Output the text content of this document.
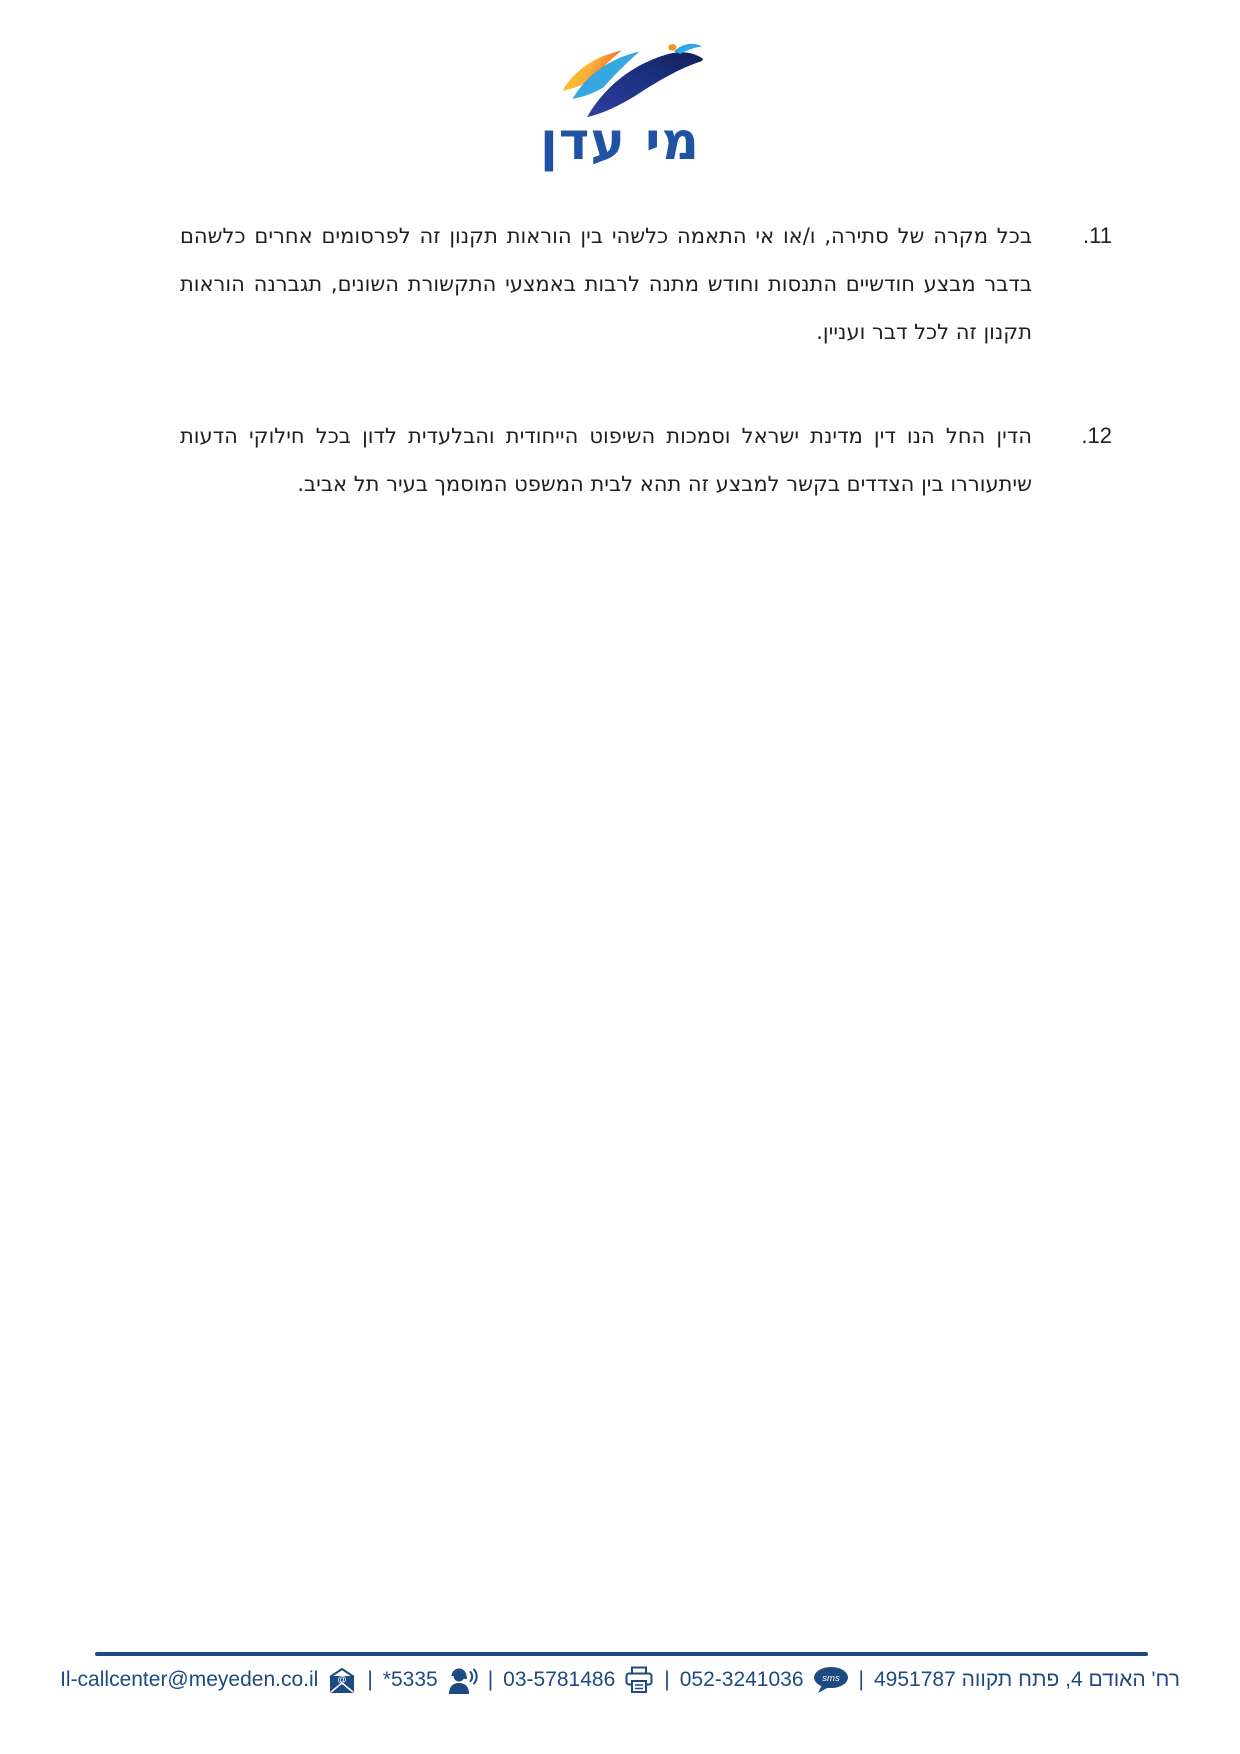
מי עדן
11.
בכל מקרה של סתירה, ו/או אי התאמה כלשהי בין הוראות תקנון זה לפרסומים אחרים כלשהם בדבר מבצע חודשיים התנסות וחודש מתנה לרבות באמצעי התקשורת השונים, תגברנה הוראות תקנון זה לכל דבר ועניין.
12.
הדין החל הנו דין מדינת ישראל וסמכות השיפוט הייחודית והבלעדית לדון בכל חילוקי הדעות שיתעוררו בין הצדדים בקשר למבצע זה תהא לבית המשפט המוסמך בעיר תל אביב.
Il-callcenter@meyeden.co.il @ | *5335 | 03-5781486 | 052-3241036 sms | רח' האודם 4, פתח תקווה 4951787
